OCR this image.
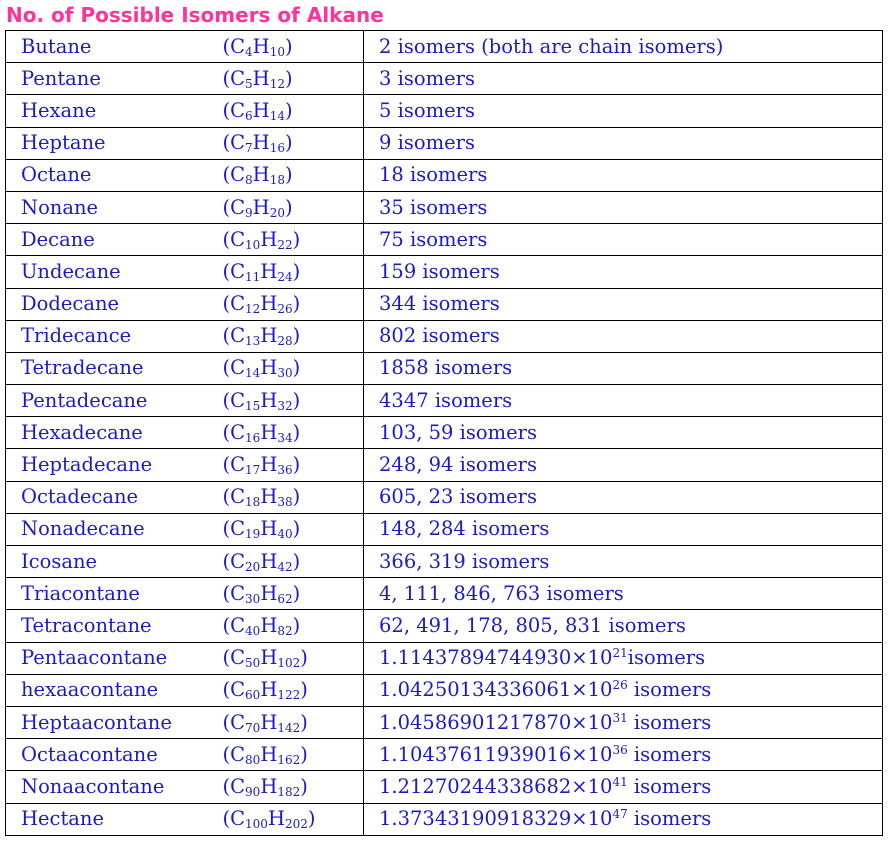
No. of Possible Isomers of Alkane
Butane	$(C_4H_{10})$	2 isomers (both are chain isomers)
Pentane	$(C_5H_{12})$	3 isomers
Hexane	$(C_6H_{14})$	5 isomers
Heptane	$(C_7H_{16})$	9 isomers
Octane	$(C_8H_{18})$	18 isomers
Nonane	$(C_9H_{20})$	35 isomers
Decane	$(C_{10}H_{22})$	75 isomers
Undecane	$(C_{11}H_{24})$	159 isomers
Dodecane	$(C_{12}H_{26})$	344 isomers
Tridecance	$(C_{13}H_{28})$	802 isomers
Tetradecane	$(C_{14}H_{30})$	1858 isomers
Pentadecane	$(C_{15}H_{32})$	4347 isomers
Hexadecane	$(C_{16}H_{34})$	103, 59 isomers
Heptadecane	$(C_{17}H_{36})$	248, 94 isomers
Octadecane	$(C_{18}H_{38})$	605, 23 isomers
Nonadecane	$(C_{19}H_{40})$	148, 284 isomers
Icosane	$(C_{20}H_{42})$	366, 319 isomers
Triacontane	$(C_{30}H_{62})$	4, 111, 846, 763 isomers
Tetracontane	$(C_{40}H_{82})$	62, 491, 178, 805, 831 isomers
Pentaacontane	$(C_{50}H_{102})$	$1.11437894744930\times 10^{21}isomers$
hexaacontane	$(C_{60}H_{122})$	$1.04250134336061\times 10^{26}$ isomers
Heptaacontane	$(C_{70}H_{142})$	$1.04586901217870\times 10^{31}$ isomers
Octaacontane	$(C_{80}H_{162})$	$1.10437611939016\times 10^{36}$ isomers
Nonaacontane	$(C_{90}H_{182})$	$1.21270244338682\times 10^{41}$ isomers
Hectane	$(C_{100}H_{202})$	$1.37343190918329\times 10^{47}$ isomers
